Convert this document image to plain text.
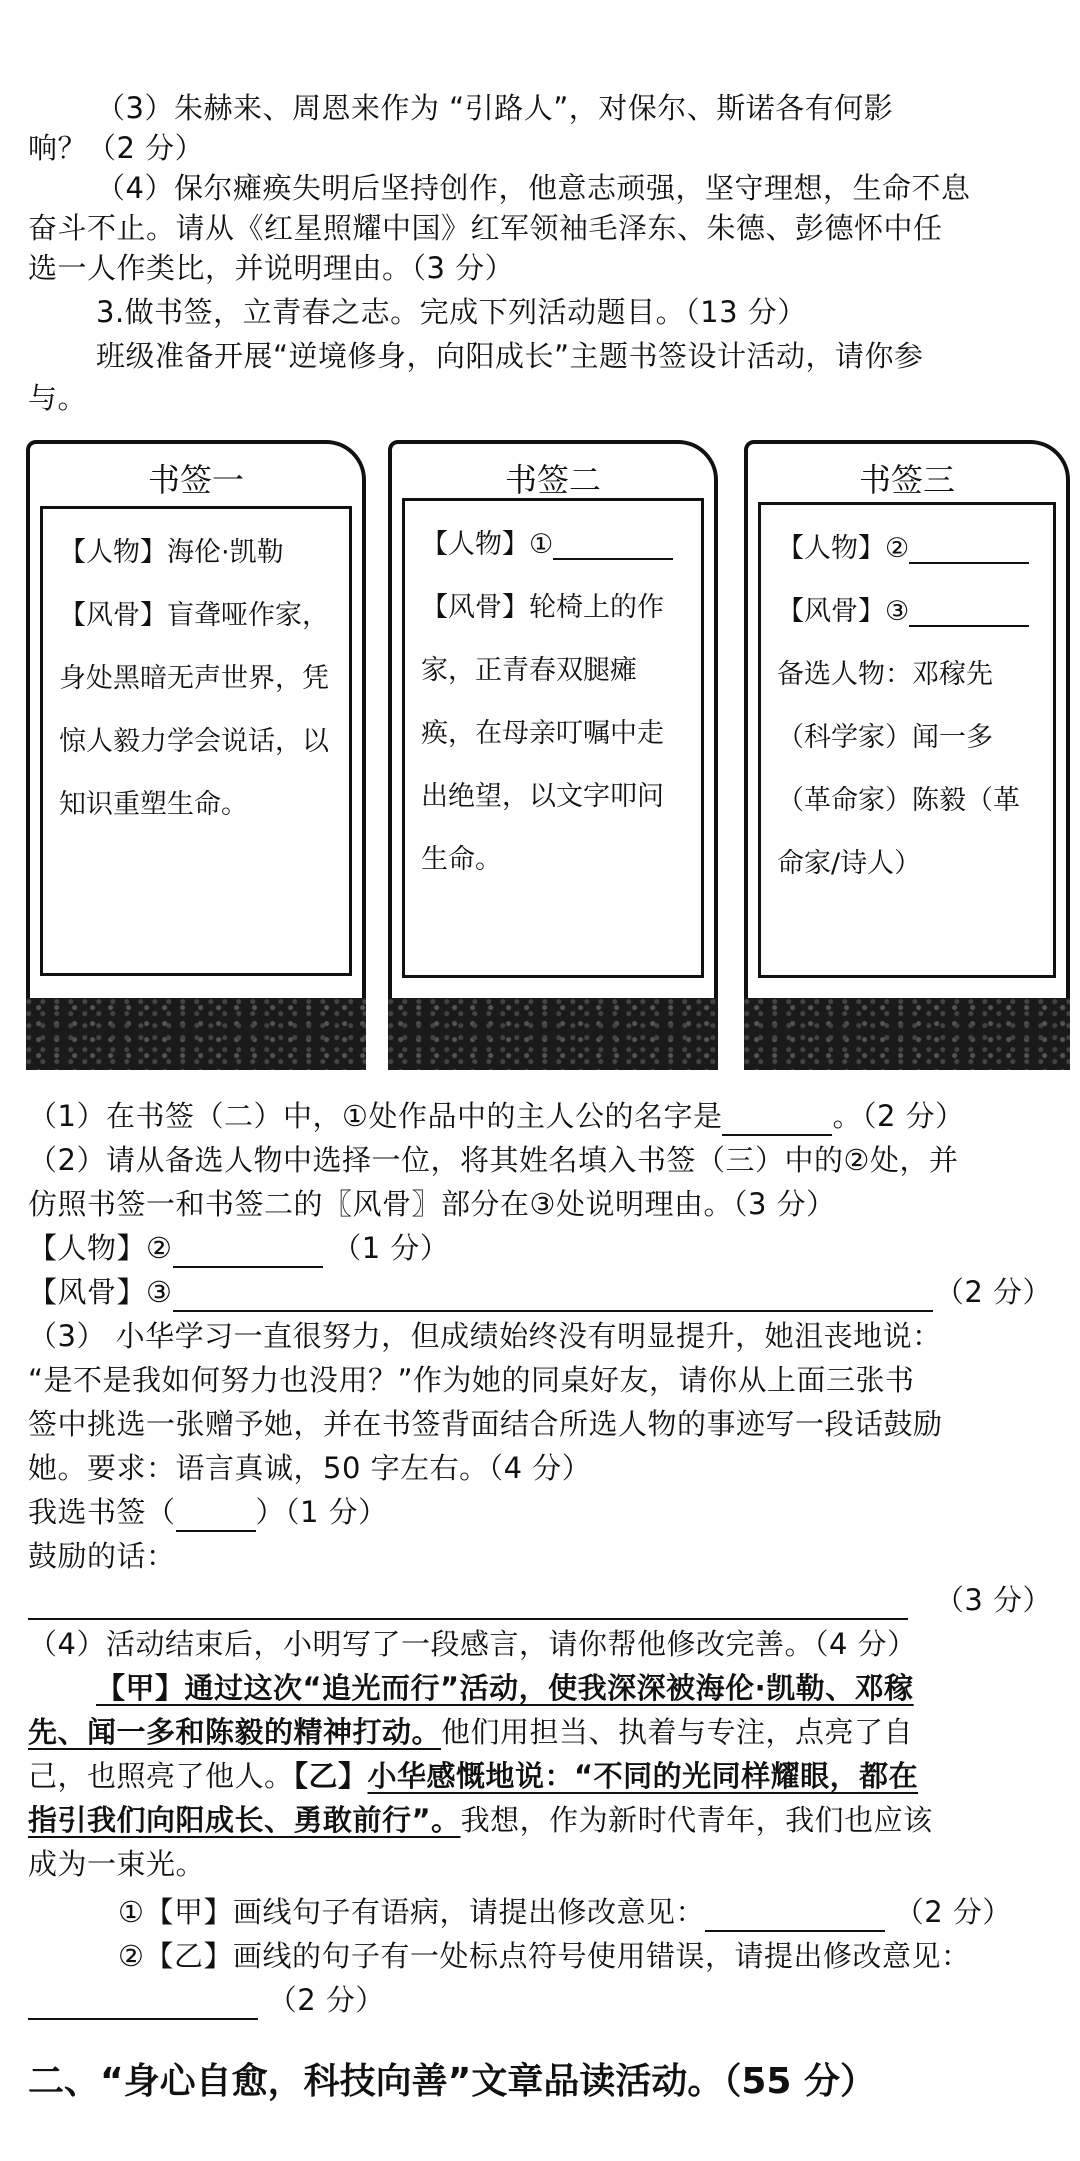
（3）朱赫来、周恩来作为 “引路人”，对保尔、斯诺各有何影
响？（2 分）
（4）保尔瘫痪失明后坚持创作，他意志顽强，坚守理想，生命不息
奋斗不止。请从《红星照耀中国》红军领袖毛泽东、朱德、彭德怀中任
选一人作类比，并说明理由。（3 分）
3.做书签，立青春之志。完成下列活动题目。（13 分）
班级准备开展“逆境修身，向阳成长”主题书签设计活动，请你参
与。
书签一
【人物】海伦·凯勒
【风骨】盲聋哑作家，身处黑暗无声世界，凭惊人毅力学会说话，以知识重塑生命。
书签二
【人物】①
【风骨】轮椅上的作家，正青春双腿瘫痪，在母亲叮嘱中走出绝望，以文字叩问生命。
书签三
【人物】②
【风骨】③
备选人物：邓稼先（科学家）闻一多（革命家）陈毅（革命家/诗人）
（1）在书签（二）中，①处作品中的主人公的名字是	。（2 分）
（2）请从备选人物中选择一位，将其姓名填入书签（三）中的②处，并
仿照书签一和书签二的〖风骨〗部分在③处说明理由。（3 分）
【人物】②	（1 分）
【风骨】③	（2 分）
（3） 小华学习一直很努力，但成绩始终没有明显提升，她沮丧地说：
“是不是我如何努力也没用？”作为她的同桌好友，请你从上面三张书
签中挑选一张赠予她，并在书签背面结合所选人物的事迹写一段话鼓励
她。要求：语言真诚，50 字左右。（4 分）
我选书签（	）（1 分）
鼓励的话：
（3 分）
（4）活动结束后，小明写了一段感言，请你帮他修改完善。（4 分）
【甲】通过这次“追光而行”活动，使我深深被海伦·凯勒、邓稼
先、闻一多和陈毅的精神打动。他们用担当、执着与专注，点亮了自
己，也照亮了他人。【乙】小华感慨地说：“不同的光同样耀眼，都在
指引我们向阳成长、勇敢前行”。我想，作为新时代青年，我们也应该
成为一束光。
①【甲】画线句子有语病，请提出修改意见：	（2 分）
②【乙】画线的句子有一处标点符号使用错误，请提出修改意见：
（2 分）
二、“身心自愈，科技向善”文章品读活动。（55 分）
